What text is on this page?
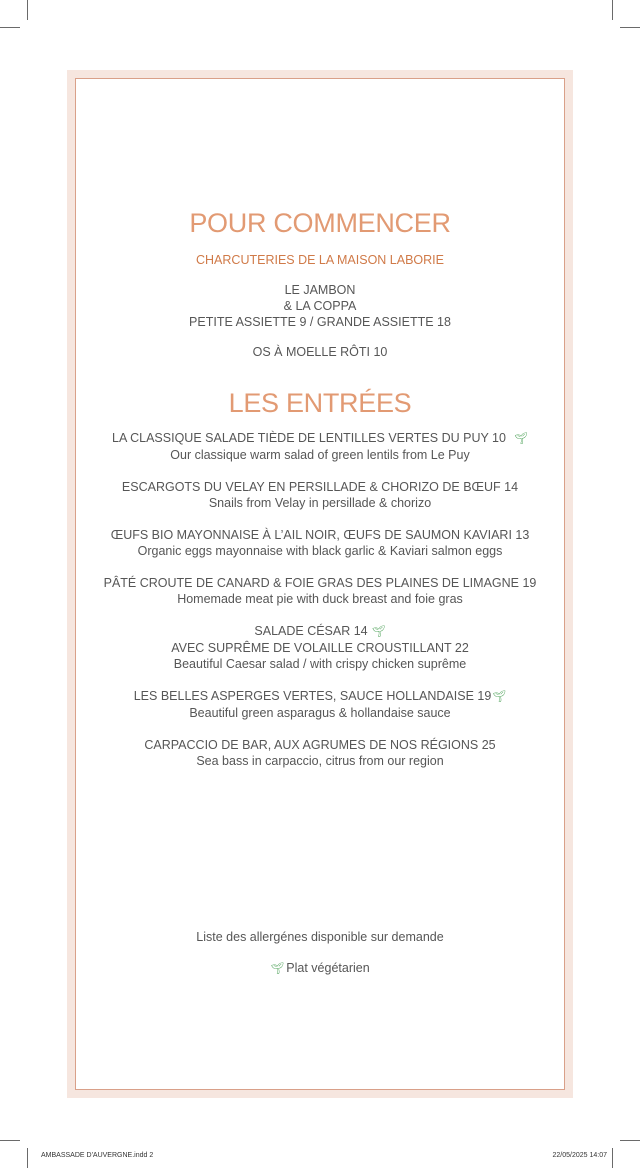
POUR COMMENCER
CHARCUTERIES DE LA MAISON LABORIE
LE JAMBON
& LA COPPA
PETITE ASSIETTE 9 / GRANDE ASSIETTE 18
OS À MOELLE RÔTI 10
LES ENTRÉES
LA CLASSIQUE SALADE TIÈDE DE LENTILLES VERTES DU PUY 10 🌱︎
Our classique warm salad of green lentils from Le Puy
ESCARGOTS DU VELAY EN PERSILLADE & CHORIZO DE BŒUF 14
Snails from Velay in persillade & chorizo
ŒUFS BIO MAYONNAISE À L’AIL NOIR, ŒUFS DE SAUMON KAVIARI 13
Organic eggs mayonnaise with black garlic & Kaviari salmon eggs
PÂTÉ CROUTE DE CANARD & FOIE GRAS DES PLAINES DE LIMAGNE 19
Homemade meat pie with duck breast and foie gras
SALADE CÉSAR 14 🌱︎
AVEC SUPRÊME DE VOLAILLE CROUSTILLANT 22
Beautiful Caesar salad / with crispy chicken suprême
LES BELLES ASPERGES VERTES, SAUCE HOLLANDAISE 19🌱︎
Beautiful green asparagus & hollandaise sauce
CARPACCIO DE BAR, AUX AGRUMES DE NOS RÉGIONS 25
Sea bass in carpaccio, citrus from our region
Liste des allergénes disponible sur demande
🌱︎ Plat végétarien
AMBASSADE D'AUVERGNE.indd 2	22/05/2025 14:07
